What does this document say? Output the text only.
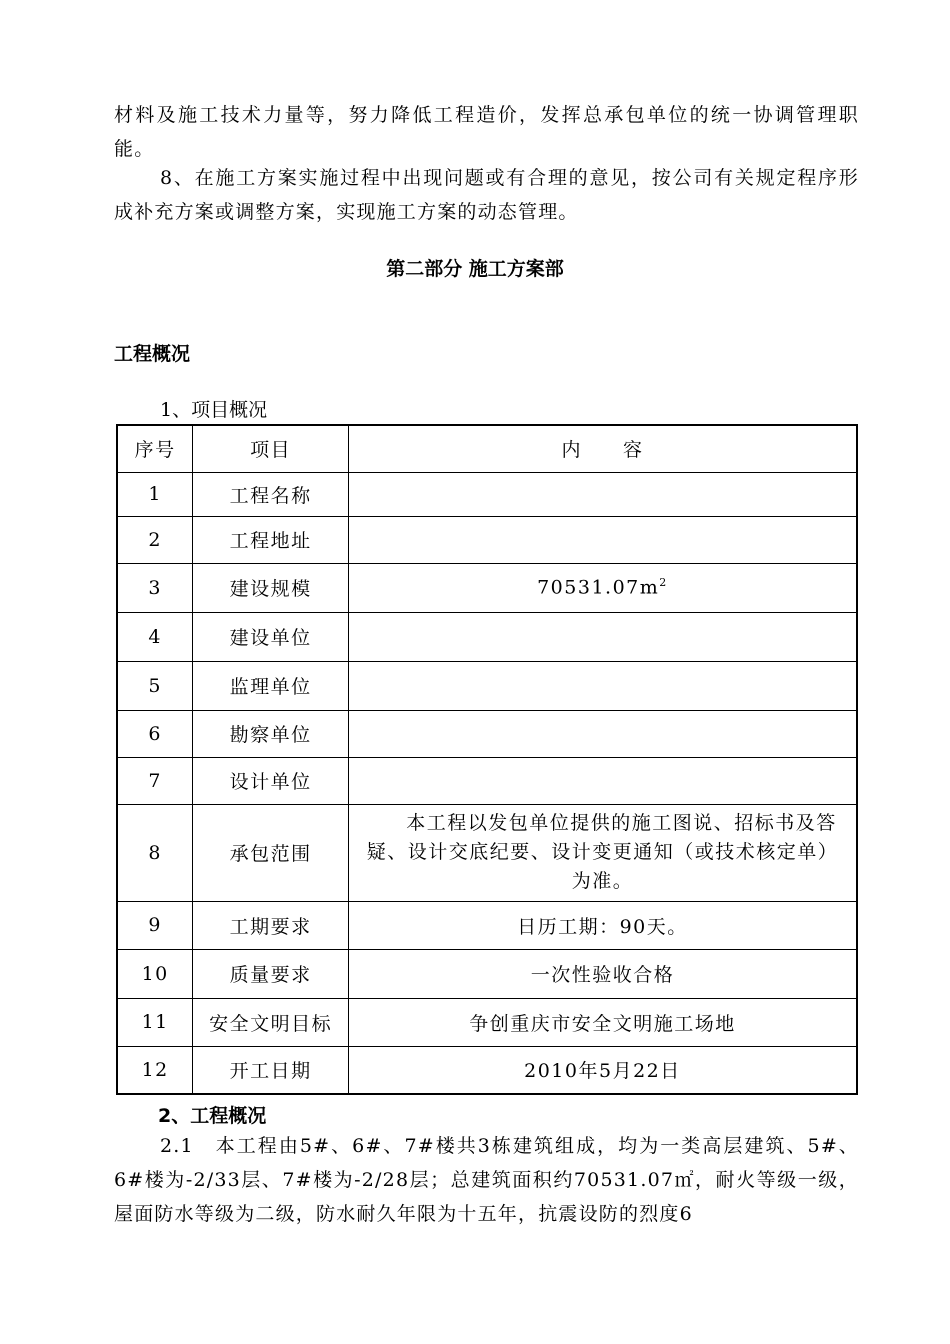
材料及施工技术力量等，努力降低工程造价，发挥总承包单位的统一协调管理职能。

8、在施工方案实施过程中出现问题或有合理的意见，按公司有关规定程序形成补充方案或调整方案，实现施工方案的动态管理。

第二部分 施工方案部
工程概况
1、项目概况
序号	项目	内　　容
1	工程名称	
2	工程地址	
3	建设规模	$70531.07m^2$
4	建设单位	
5	监理单位	
6	勘察单位	
7	设计单位	
8	承包范围	本工程以发包单位提供的施工图说、招标书及答疑、设计交底纪要、设计变更通知（或技术核定单）为准。
9	工期要求	日历工期：90天。
10	质量要求	一次性验收合格
11	安全文明目标	争创重庆市安全文明施工场地
12	开工日期	2010年5月22日
2、工程概况

2.1　本工程由5#、6#、7#楼共3栋建筑组成，均为一类高层建筑、5#、6#楼为-2/33层、7#楼为-2/28层；总建筑面积约70531.07㎡，耐火等级一级，屋面防水等级为二级，防水耐久年限为十五年，抗震设防的烈度6
